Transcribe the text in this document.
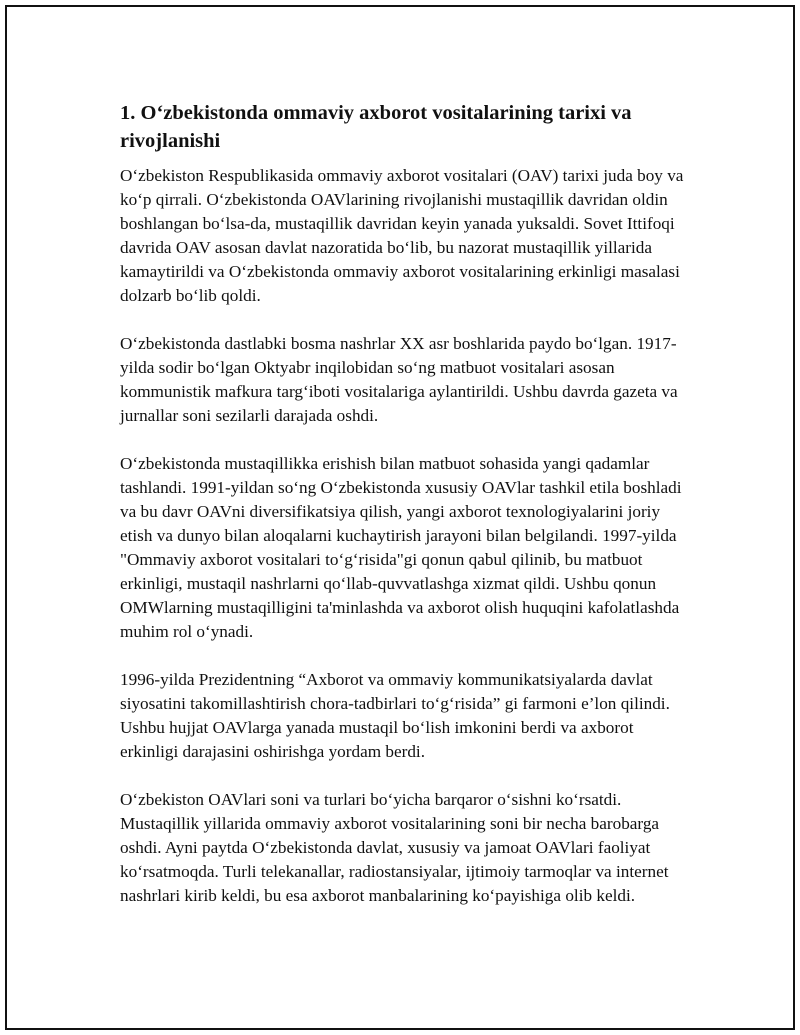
1. O‘zbekistonda ommaviy axborot vositalarining tarixi va rivojlanishi

O‘zbekiston Respublikasida ommaviy axborot vositalari (OAV) tarixi juda boy va ko‘p qirrali. O‘zbekistonda OAVlarining rivojlanishi mustaqillik davridan oldin boshlangan bo‘lsa-da, mustaqillik davridan keyin yanada yuksaldi. Sovet Ittifoqi davrida OAV asosan davlat nazoratida bo‘lib, bu nazorat mustaqillik yillarida kamaytirildi va O‘zbekistonda ommaviy axborot vositalarining erkinligi masalasi dolzarb bo‘lib qoldi.

O‘zbekistonda dastlabki bosma nashrlar XX asr boshlarida paydo bo‘lgan. 1917-yilda sodir bo‘lgan Oktyabr inqilobidan so‘ng matbuot vositalari asosan kommunistik mafkura targ‘iboti vositalariga aylantirildi. Ushbu davrda gazeta va jurnallar soni sezilarli darajada oshdi.

O‘zbekistonda mustaqillikka erishish bilan matbuot sohasida yangi qadamlar tashlandi. 1991-yildan so‘ng O‘zbekistonda xususiy OAVlar tashkil etila boshladi va bu davr OAVni diversifikatsiya qilish, yangi axborot texnologiyalarini joriy etish va dunyo bilan aloqalarni kuchaytirish jarayoni bilan belgilandi. 1997-yilda "Ommaviy axborot vositalari to‘g‘risida"gi qonun qabul qilinib, bu matbuot erkinligi, mustaqil nashrlarni qo‘llab-quvvatlashga xizmat qildi. Ushbu qonun OMWlarning mustaqilligini ta'minlashda va axborot olish huquqini kafolatlashda muhim rol o‘ynadi.

1996-yilda Prezidentning “Axborot va ommaviy kommunikatsiyalarda davlat siyosatini takomillashtirish chora-tadbirlari to‘g‘risida” gi farmoni e’lon qilindi. Ushbu hujjat OAVlarga yanada mustaqil bo‘lish imkonini berdi va axborot erkinligi darajasini oshirishga yordam berdi.

O‘zbekiston OAVlari soni va turlari bo‘yicha barqaror o‘sishni ko‘rsatdi. Mustaqillik yillarida ommaviy axborot vositalarining soni bir necha barobarga oshdi. Ayni paytda O‘zbekistonda davlat, xususiy va jamoat OAVlari faoliyat ko‘rsatmoqda. Turli telekanallar, radiostansiyalar, ijtimoiy tarmoqlar va internet nashrlari kirib keldi, bu esa axborot manbalarining ko‘payishiga olib keldi.
